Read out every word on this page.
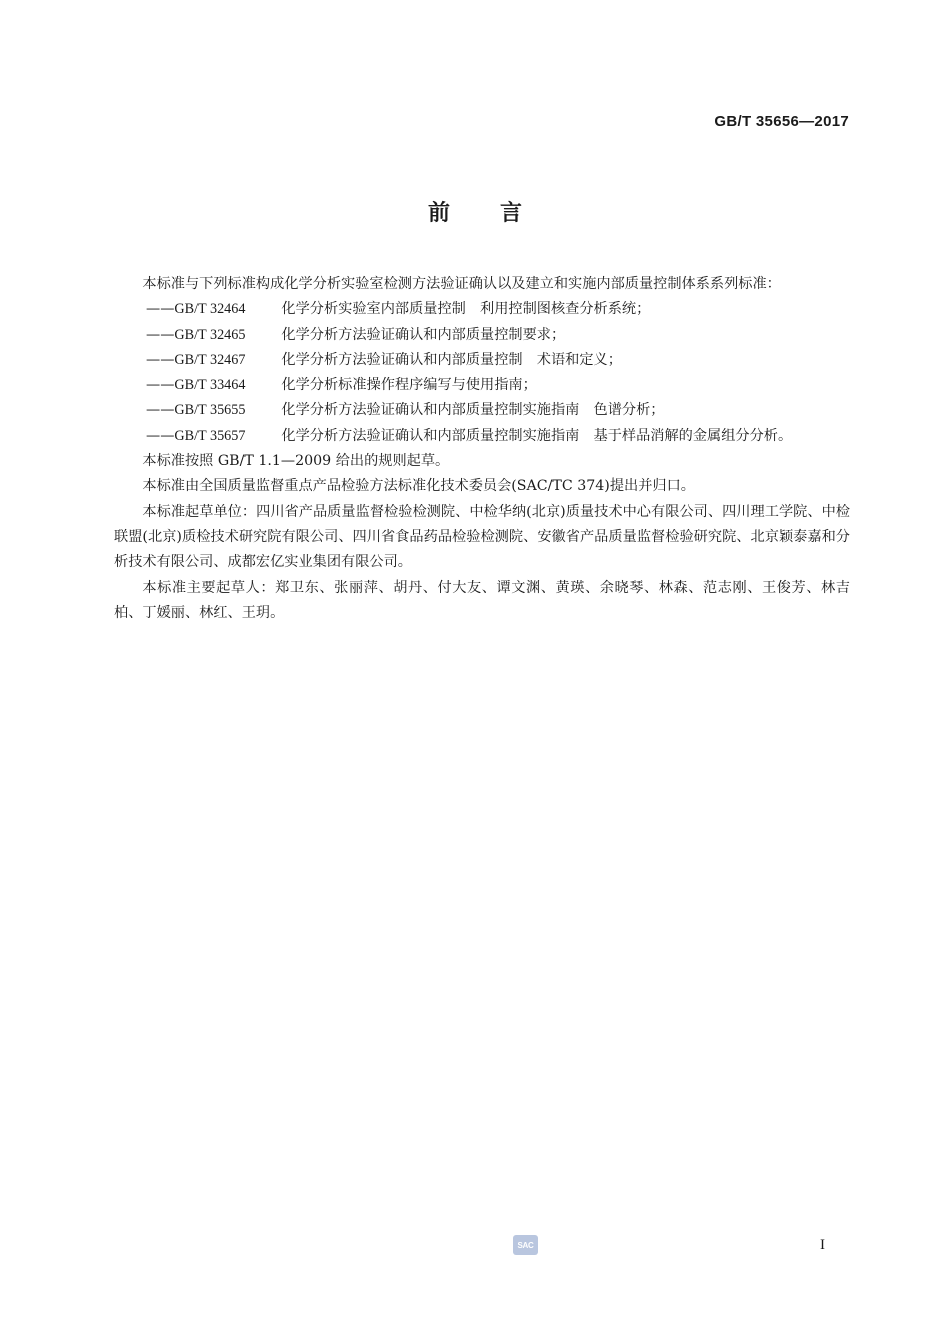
GB/T 35656—2017
前言

本标准与下列标准构成化学分析实验室检测方法验证确认以及建立和实施内部质量控制体系系列标准：

—— GB/T 32464	化学分析实验室内部质量控制　利用控制图核查分析系统；
—— GB/T 32465	化学分析方法验证确认和内部质量控制要求；
—— GB/T 32467	化学分析方法验证确认和内部质量控制　术语和定义；
—— GB/T 33464	化学分析标准操作程序编写与使用指南；
—— GB/T 35655	化学分析方法验证确认和内部质量控制实施指南　色谱分析；
—— GB/T 35657	化学分析方法验证确认和内部质量控制实施指南　基于样品消解的金属组分分析。

本标准按照 GB/T 1.1—2009 给出的规则起草。

本标准由全国质量监督重点产品检验方法标准化技术委员会(SAC/TC 374)提出并归口。

本标准起草单位：四川省产品质量监督检验检测院、中检华纳(北京)质量技术中心有限公司、四川理工学院、中检联盟(北京)质检技术研究院有限公司、四川省食品药品检验检测院、安徽省产品质量监督检验研究院、北京颖泰嘉和分析技术有限公司、成都宏亿实业集团有限公司。

本标准主要起草人：郑卫东、张丽萍、胡丹、付大友、谭文渊、黄瑛、余晓琴、林森、范志刚、王俊芳、林吉柏、丁媛丽、林红、王玥。

SAC	I
